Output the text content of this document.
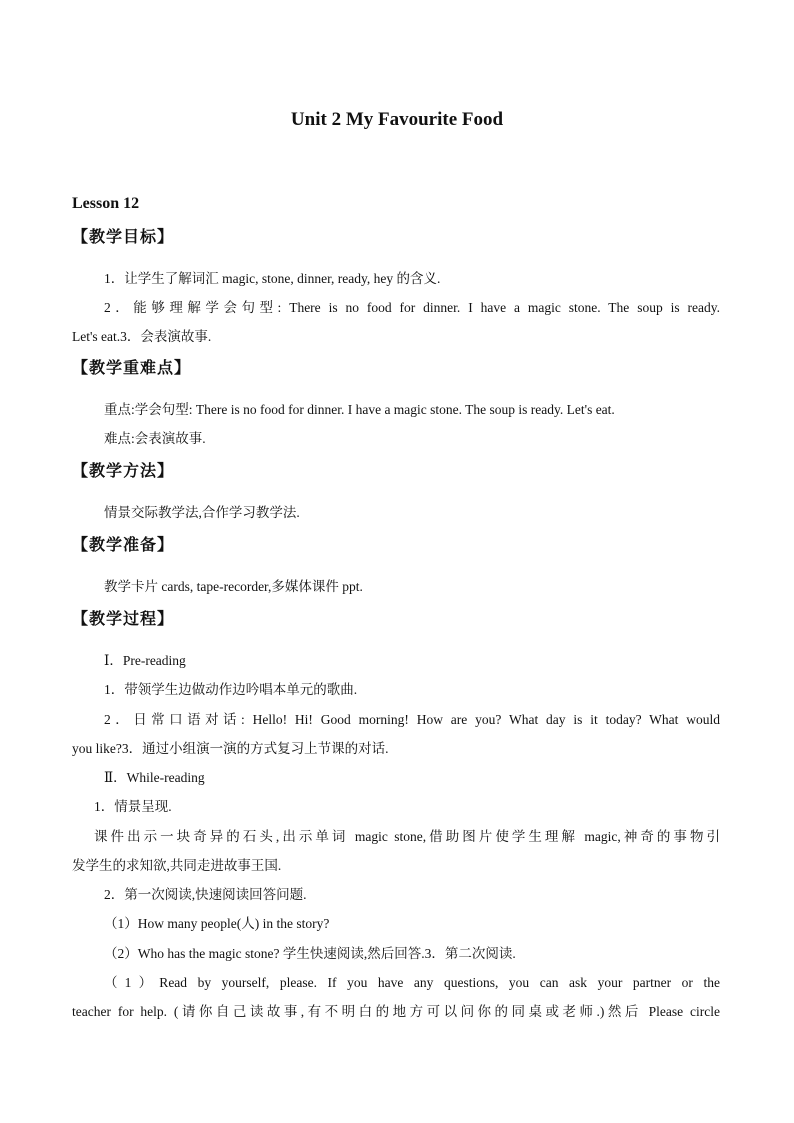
Unit 2 My Favourite Food
Lesson 12
【教学目标】
1．让学生了解词汇 magic, stone, dinner, ready, hey 的含义.
2．能够理解学会句型: There is no food for dinner. I have a magic stone. The soup is ready.
Let's eat.3．会表演故事.
【教学重难点】
重点:学会句型: There is no food for dinner. I have a magic stone. The soup is ready. Let's eat.
难点:会表演故事.
【教学方法】
情景交际教学法,合作学习教学法.
【教学准备】
教学卡片 cards, tape-recorder,多媒体课件 ppt.
【教学过程】
Ⅰ．Pre-reading
1．带领学生边做动作边吟唱本单元的歌曲.
2．日常口语对话: Hello! Hi! Good morning! How are you? What day is it today? What would
you like?3．通过小组演一演的方式复习上节课的对话.
Ⅱ．While-reading
1．情景呈现.
课件出示一块奇异的石头,出示单词 magic stone,借助图片使学生理解 magic,神奇的事物引
发学生的求知欲,共同走进故事王国.
2．第一次阅读,快速阅读回答问题.
（1）How many people(人) in the story?
（2）Who has the magic stone? 学生快速阅读,然后回答.3．第二次阅读.
（1）Read by yourself, please. If you have any questions, you can ask your partner or the
teacher for help. (请你自己读故事,有不明白的地方可以问你的同桌或老师.)然后 Please circle
